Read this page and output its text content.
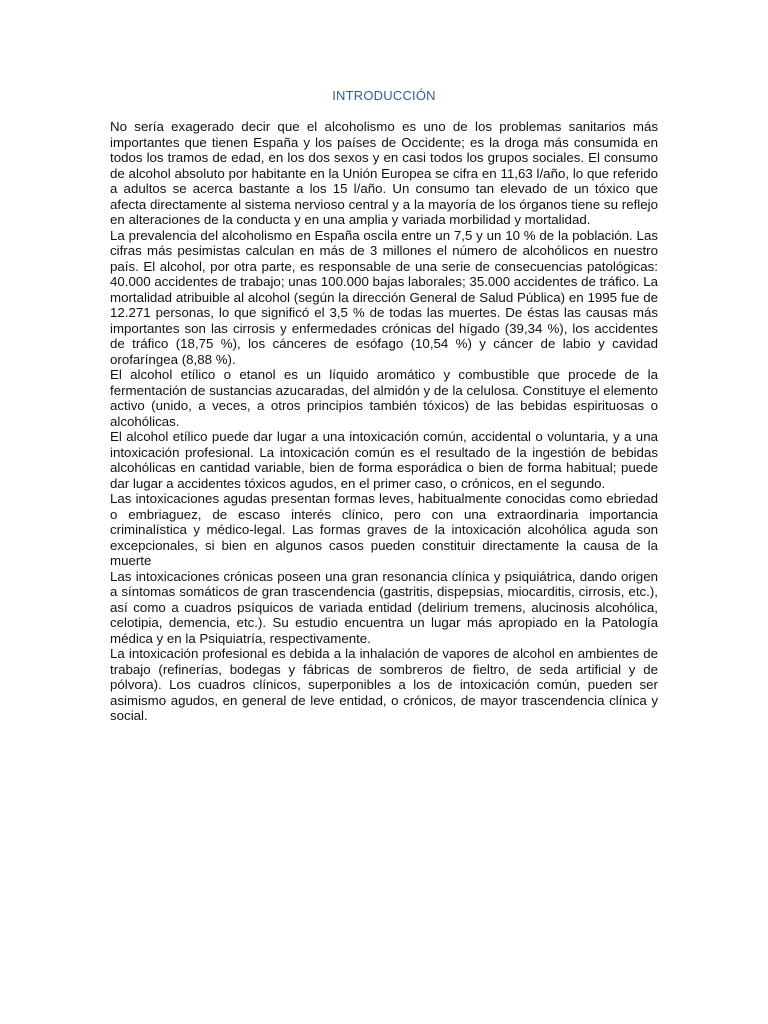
INTRODUCCIÓN

No sería exagerado decir que el alcoholismo es uno de los problemas sanitarios más importantes que tienen España y los países de Occidente; es la droga más consumida en todos los tramos de edad, en los dos sexos y en casi todos los grupos sociales. El consumo de alcohol absoluto por habitante en la Unión Europea se cifra en 11,63 l/año, lo que referido a adultos se acerca bastante a los 15 l/año. Un consumo tan elevado de un tóxico que afecta directamente al sistema nervioso central y a la mayoría de los órganos tiene su reflejo en alteraciones de la conducta y en una amplia y variada morbilidad y mortalidad.

La prevalencia del alcoholismo en España oscila entre un 7,5 y un 10 % de la población. Las cifras más pesimistas calculan en más de 3 millones el número de alcohólicos en nuestro país. El alcohol, por otra parte, es responsable de una serie de consecuencias patológicas: 40.000 accidentes de trabajo; unas 100.000 bajas laborales; 35.000 accidentes de tráfico. La mortalidad atribuible al alcohol (según la dirección General de Salud Pública) en 1995 fue de 12.271 personas, lo que significó el 3,5 % de todas las muertes. De éstas las causas más importantes son las cirrosis y enfermedades crónicas del hígado (39,34 %), los accidentes de tráfico (18,75 %), los cánceres de esófago (10,54 %) y cáncer de labio y cavidad orofaríngea (8,88 %).

El alcohol etílico o etanol es un líquido aromático y combustible que procede de la fermentación de sustancias azucaradas, del almidón y de la celulosa. Constituye el elemento activo (unido, a veces, a otros principios también tóxicos) de las bebidas espirituosas o alcohólicas.

El alcohol etílico puede dar lugar a una intoxicación común, accidental o voluntaria, y a una intoxicación profesional. La intoxicación común es el resultado de la ingestión de bebidas alcohólicas en cantidad variable, bien de forma esporádica o bien de forma habitual; puede dar lugar a accidentes tóxicos agudos, en el primer caso, o crónicos, en el segundo.

Las intoxicaciones agudas presentan formas leves, habitualmente conocidas como ebriedad o embriaguez, de escaso interés clínico, pero con una extraordinaria importancia criminalística y médico-legal. Las formas graves de la intoxicación alcohólica aguda son excepcionales, si bien en algunos casos pueden constituir directamente la causa de la muerte

Las intoxicaciones crónicas poseen una gran resonancia clínica y psiquiátrica, dando origen a síntomas somáticos de gran trascendencia (gastritis, dispepsias, miocarditis, cirrosis, etc.), así como a cuadros psíquicos de variada entidad (delirium tremens, alucinosis alcohólica, celotipia, demencia, etc.). Su estudio encuentra un lugar más apropiado en la Patología médica y en la Psiquiatría, respectivamente.

La intoxicación profesional es debida a la inhalación de vapores de alcohol en ambientes de trabajo (refinerías, bodegas y fábricas de sombreros de fieltro, de seda artificial y de pólvora). Los cuadros clínicos, superponibles a los de intoxicación común, pueden ser asimismo agudos, en general de leve entidad, o crónicos, de mayor trascendencia clínica y social.
